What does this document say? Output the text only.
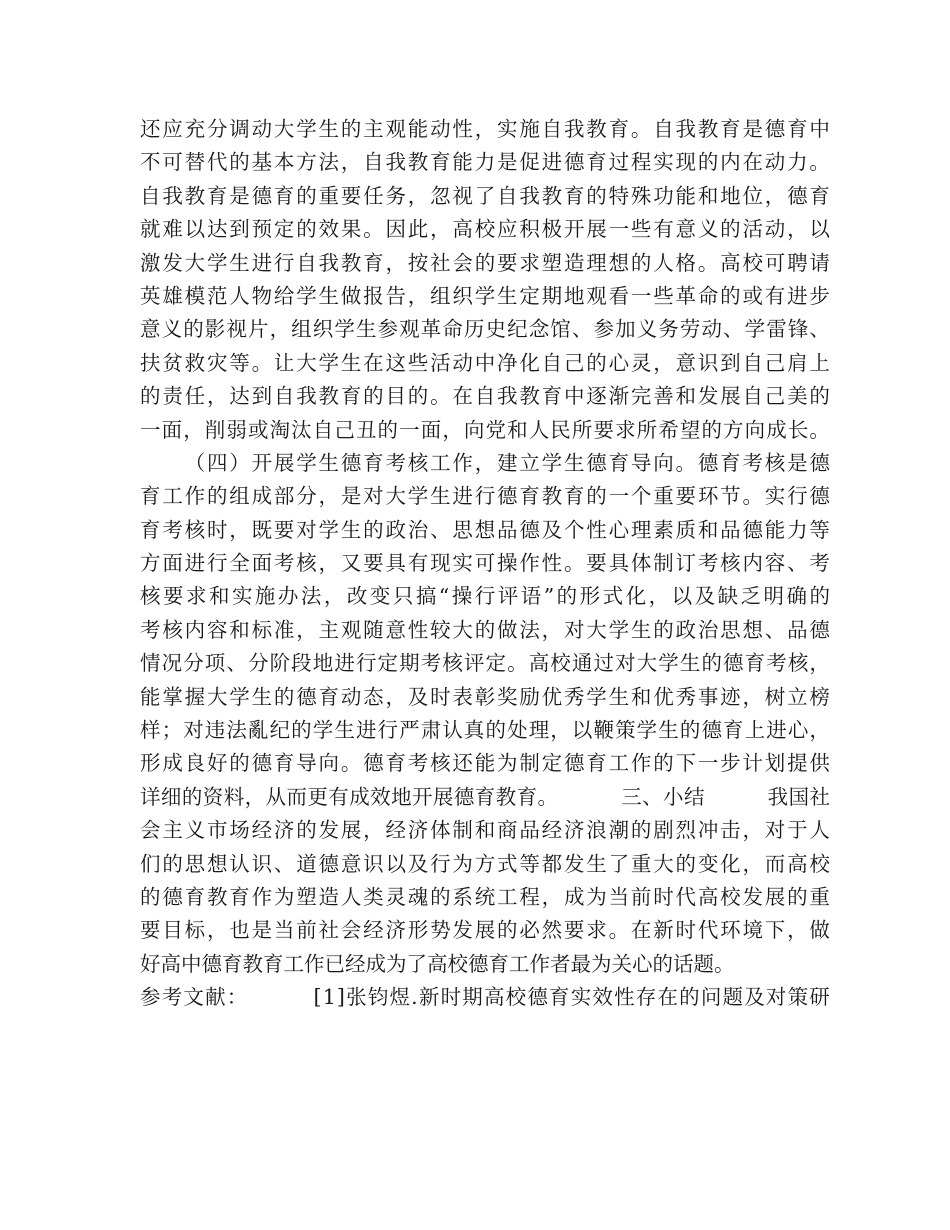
还 应 充 分 调 动 大 学 生 的 主 观 能 动 性 ， 实 施 自 我 教 育 。 自 我 教 育 是 德 育 中
不 可 替 代 的 基 本 方 法 ， 自 我 教 育 能 力 是 促 进 德 育 过 程 实 现 的 内 在 动 力 。
自 我 教 育 是 德 育 的 重 要 任 务 ， 忽 视 了 自 我 教 育 的 特 殊 功 能 和 地 位 ， 德 育
就 难 以 达 到 预 定 的 效 果 。 因 此 ， 高 校 应 积 极 开 展 一 些 有 意 义 的 活 动 ， 以
激 发 大 学 生 进 行 自 我 教 育 ， 按 社 会 的 要 求 塑 造 理 想 的 人 格 。 高 校 可 聘 请
英 雄 模 范 人 物 给 学 生 做 报 告 ， 组 织 学 生 定 期 地 观 看 一 些 革 命 的 或 有 进 步
意 义 的 影 视 片 ， 组 织 学 生 参 观 革 命 历 史 纪 念 馆 、 参 加 义 务 劳 动 、 学 雷 锋 、
扶 贫 救 灾 等 。 让 大 学 生 在 这 些 活 动 中 净 化 自 己 的 心 灵 ， 意 识 到 自 己 肩 上
的 责 任 ， 达 到 自 我 教 育 的 目 的 。 在 自 我 教 育 中 逐 渐 完 善 和 发 展 自 己 美 的
一 面 ， 削 弱 或 淘 汰 自 己 丑 的 一 面 ， 向 党 和 人 民 所 要 求 所 希 望 的 方 向 成 长 。

（ 四 ） 开 展 学 生 德 育 考 核 工 作 ， 建 立 学 生 德 育 导 向 。 德 育 考 核 是 德
育 工 作 的 组 成 部 分 ， 是 对 大 学 生 进 行 德 育 教 育 的 一 个 重 要 环 节 。 实 行 德
育 考 核 时 ， 既 要 对 学 生 的 政 治 、 思 想 品 德 及 个 性 心 理 素 质 和 品 德 能 力 等
方 面 进 行 全 面 考 核 ， 又 要 具 有 现 实 可 操 作 性 。 要 具 体 制 订 考 核 内 容 、 考
核 要 求 和 实 施 办 法 ， 改 变 只 搞 “ 操 行 评 语 ” 的 形 式 化 ， 以 及 缺 乏 明 确 的
考 核 内 容 和 标 准 ， 主 观 随 意 性 较 大 的 做 法 ， 对 大 学 生 的 政 治 思 想 、 品 德
情 况 分 项 、 分 阶 段 地 进 行 定 期 考 核 评 定 。 高 校 通 过 对 大 学 生 的 德 育 考 核 ，
能 掌 握 大 学 生 的 德 育 动 态 ， 及 时 表 彰 奖 励 优 秀 学 生 和 优 秀 事 迹 ， 树 立 榜
样 ； 对 违 法 亂 纪 的 学 生 进 行 严 肃 认 真 的 处 理 ， 以 鞭 策 学 生 的 德 育 上 进 心 ，
形 成 良 好 的 德 育 导 向 。 德 育 考 核 还 能 为 制 定 德 育 工 作 的 下 一 步 计 划 提 供
详 细 的 资 料 ， 从 而 更 有 成 效 地 开 展 德 育 教 育 。

　	三 、 小 结

　	我 国 社
会 主 义 市 场 经 济 的 发 展 ， 经 济 体 制 和 商 品 经 济 浪 潮 的 剧 烈 冲 击 ， 对 于 人
们 的 思 想 认 识 、 道 德 意 识 以 及 行 为 方 式 等 都 发 生 了 重 大 的 变 化 ， 而 高 校
的 德 育 教 育 作 为 塑 造 人 类 灵 魂 的 系 统 工 程 ， 成 为 当 前 时 代 高 校 发 展 的 重
要 目 标 ， 也 是 当 前 社 会 经 济 形 势 发 展 的 必 然 要 求 。 在 新 时 代 环 境 下 ， 做
好高中德育教育工作已经成为了高校德育工作者最为关心的话题。
参 考 文 献 ：

　	[ 1 ] 张 钧 煜 . 新 时 期 高 校 德 育 实 效 性 存 在 的 问 题 及 对 策 研
